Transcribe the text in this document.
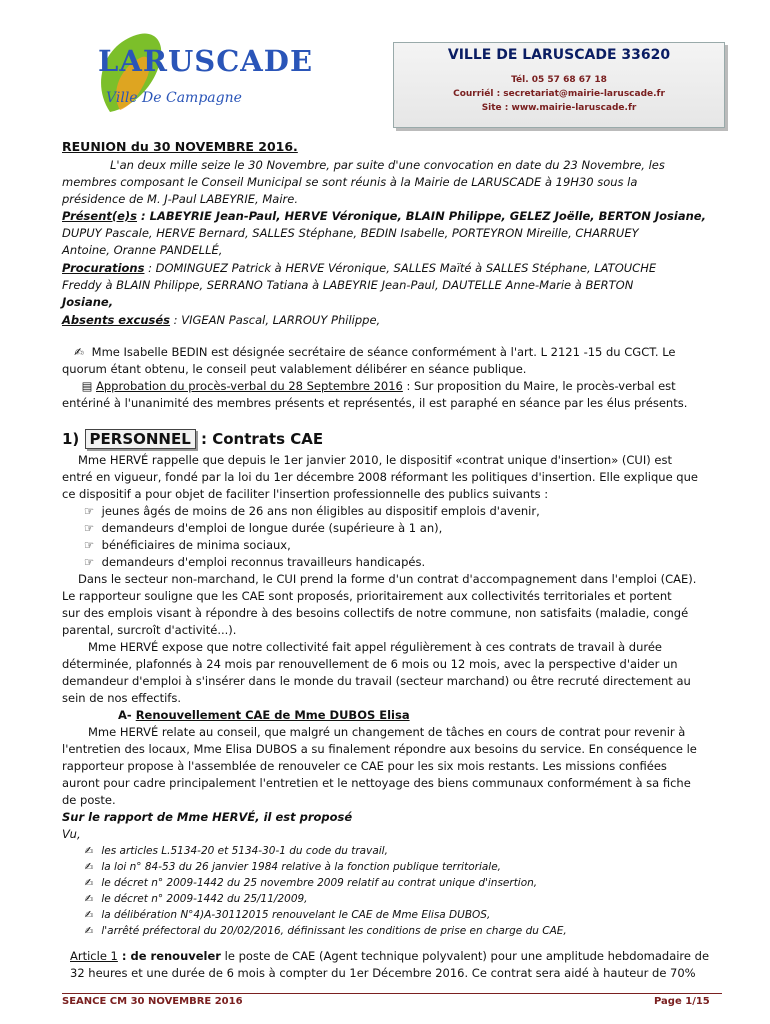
LARUSCADE
Ville De Campagne
VILLE DE LARUSCADE 33620
Tél. 05 57 68 67 18
Courriél : secretariat@mairie-laruscade.fr
Site : www.mairie-laruscade.fr
REUNION du 30 NOVEMBRE 2016.
L'an deux mille seize le 30 Novembre, par suite d'une convocation en date du 23 Novembre, les
membres composant le Conseil Municipal se sont réunis à la Mairie de LARUSCADE à 19H30 sous la
présidence de M. J-Paul LABEYRIE, Maire.
Présent(e)s : LABEYRIE Jean-Paul, HERVE Véronique, BLAIN Philippe, GELEZ Joëlle, BERTON Josiane,
DUPUY Pascale, HERVE Bernard, SALLES Stéphane, BEDIN Isabelle, PORTEYRON Mireille, CHARRUEY
Antoine, Oranne PANDELLÉ,
Procurations : DOMINGUEZ Patrick à HERVE Véronique, SALLES Maïté à SALLES Stéphane, LATOUCHE
Freddy à BLAIN Philippe, SERRANO Tatiana à LABEYRIE Jean-Paul, DAUTELLE Anne-Marie à BERTON
Josiane,
Absents excusés : VIGEAN Pascal, LARROUY Philippe,
✍ Mme Isabelle BEDIN est désignée secrétaire de séance conformément à l'art. L 2121 -15 du CGCT. Le
quorum étant obtenu, le conseil peut valablement délibérer en séance publique.
▤ Approbation du procès-verbal du 28 Septembre 2016 : Sur proposition du Maire, le procès-verbal est
entériné à l'unanimité des membres présents et représentés, il est paraphé en séance par les élus présents.
1) PERSONNEL : Contrats CAE
Mme HERVÉ rappelle que depuis le 1er janvier 2010, le dispositif «contrat unique d'insertion» (CUI) est
entré en vigueur, fondé par la loi du 1er décembre 2008 réformant les politiques d'insertion. Elle explique que
ce dispositif a pour objet de faciliter l'insertion professionnelle des publics suivants :
☞ jeunes âgés de moins de 26 ans non éligibles au dispositif emplois d'avenir,
☞ demandeurs d'emploi de longue durée (supérieure à 1 an),
☞ bénéficiaires de minima sociaux,
☞ demandeurs d'emploi reconnus travailleurs handicapés.
Dans le secteur non-marchand, le CUI prend la forme d'un contrat d'accompagnement dans l'emploi (CAE).
Le rapporteur souligne que les CAE sont proposés, prioritairement aux collectivités territoriales et portent
sur des emplois visant à répondre à des besoins collectifs de notre commune, non satisfaits (maladie, congé
parental, surcroît d'activité...).
Mme HERVÉ expose que notre collectivité fait appel régulièrement à ces contrats de travail à durée
déterminée, plafonnés à 24 mois par renouvellement de 6 mois ou 12 mois, avec la perspective d'aider un
demandeur d'emploi à s'insérer dans le monde du travail (secteur marchand) ou être recruté directement au
sein de nos effectifs.
A- Renouvellement CAE de Mme DUBOS Elisa
Mme HERVÉ relate au conseil, que malgré un changement de tâches en cours de contrat pour revenir à
l'entretien des locaux, Mme Elisa DUBOS a su finalement répondre aux besoins du service. En conséquence le
rapporteur propose à l'assemblée de renouveler ce CAE pour les six mois restants. Les missions confiées
auront pour cadre principalement l'entretien et le nettoyage des biens communaux conformément à sa fiche
de poste.
Sur le rapport de Mme HERVÉ, il est proposé
Vu,
✍ les articles L.5134-20 et 5134-30-1 du code du travail,
✍ la loi n° 84-53 du 26 janvier 1984 relative à la fonction publique territoriale,
✍ le décret n° 2009-1442 du 25 novembre 2009 relatif au contrat unique d'insertion,
✍ le décret n° 2009-1442 du 25/11/2009,
✍ la délibération N°4)A-30112015 renouvelant le CAE de Mme Elisa DUBOS,
✍ l'arrêté préfectoral du 20/02/2016, définissant les conditions de prise en charge du CAE,
Article 1 : de renouveler le poste de CAE (Agent technique polyvalent) pour une amplitude hebdomadaire de
32 heures et une durée de 6 mois à compter du 1er Décembre 2016. Ce contrat sera aidé à hauteur de 70%
SEANCE CM 30 NOVEMBRE 2016	Page 1/15
